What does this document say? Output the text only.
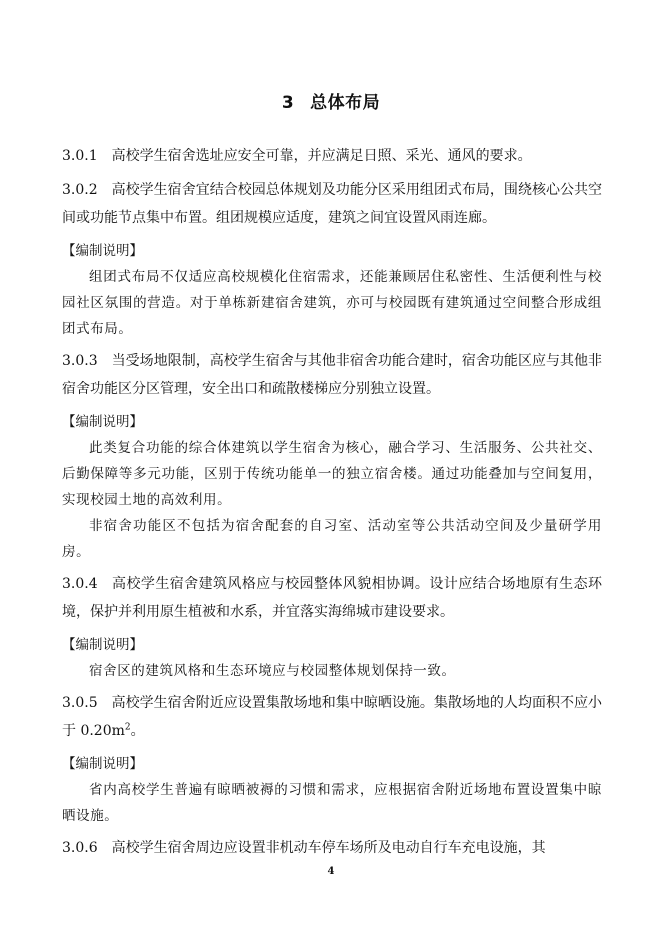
3 总体布局

3.0.1 高校学生宿舍选址应安全可靠，并应满足日照、采光、通风的要求。

3.0.2 高校学生宿舍宜结合校园总体规划及功能分区采用组团式布局，围绕核心公共空间或功能节点集中布置。组团规模应适度，建筑之间宜设置风雨连廊。

【编制说明】

组团式布局不仅适应高校规模化住宿需求，还能兼顾居住私密性、生活便利性与校园社区氛围的营造。对于单栋新建宿舍建筑，亦可与校园既有建筑通过空间整合形成组团式布局。

3.0.3 当受场地限制，高校学生宿舍与其他非宿舍功能合建时，宿舍功能区应与其他非宿舍功能区分区管理，安全出口和疏散楼梯应分别独立设置。

【编制说明】

此类复合功能的综合体建筑以学生宿舍为核心，融合学习、生活服务、公共社交、后勤保障等多元功能，区别于传统功能单一的独立宿舍楼。通过功能叠加与空间复用，实现校园土地的高效利用。

非宿舍功能区不包括为宿舍配套的自习室、活动室等公共活动空间及少量研学用房。

3.0.4 高校学生宿舍建筑风格应与校园整体风貌相协调。设计应结合场地原有生态环境，保护并利用原生植被和水系，并宜落实海绵城市建设要求。

【编制说明】

宿舍区的建筑风格和生态环境应与校园整体规划保持一致。

3.0.5 高校学生宿舍附近应设置集散场地和集中晾晒设施。集散场地的人均面积不应小于 $0.20m^2$。

【编制说明】

省内高校学生普遍有晾晒被褥的习惯和需求，应根据宿舍附近场地布置设置集中晾晒设施。

3.0.6 高校学生宿舍周边应设置非机动车停车场所及电动自行车充电设施，其

4
